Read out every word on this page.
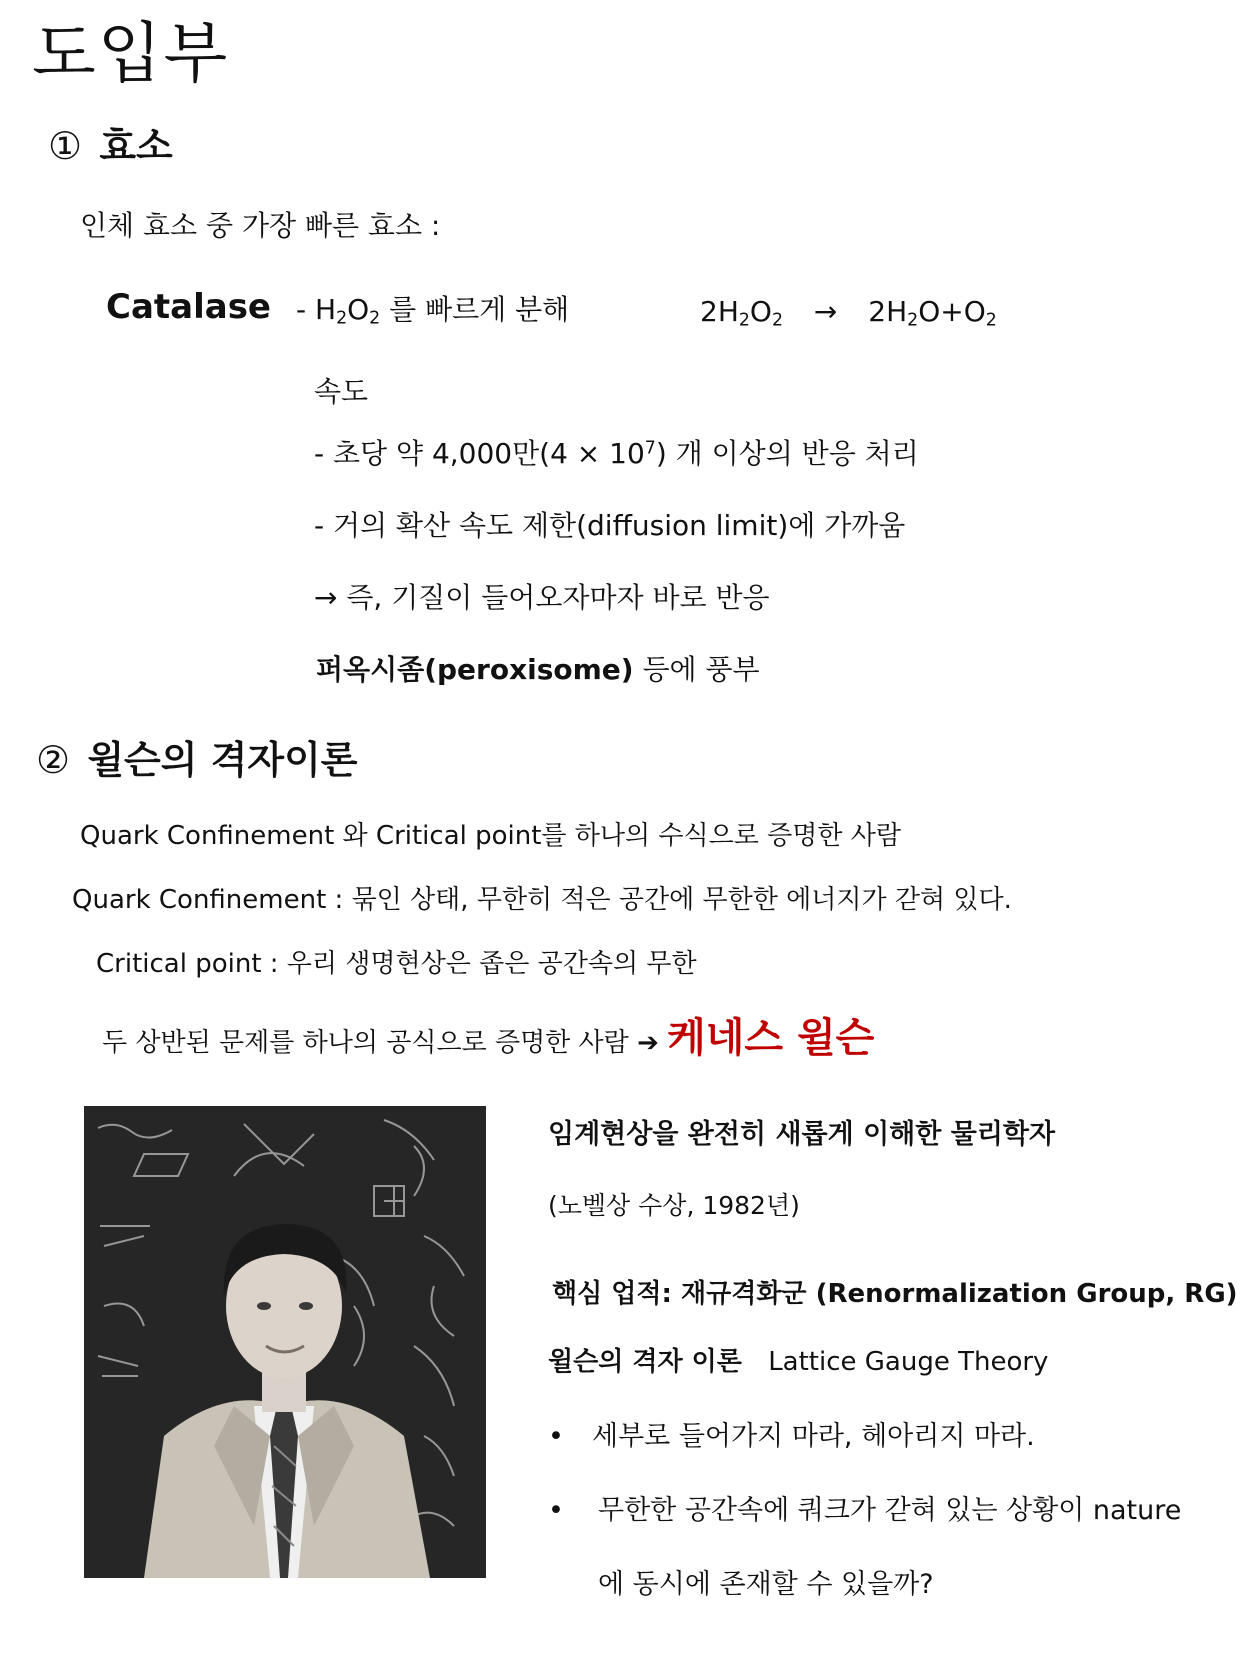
도입부
① 효소
인체 효소 중 가장 빠른 효소 :
Catalase - $H_2O_2$ 를 빠르게 분해	$2H_2O_2 \to 2H_2O+O_2$
속도
- 초당 약 4,000만$(4 \times 10^7)$ 개 이상의 반응 처리
- 거의 확산 속도 제한(diffusion limit)에 가까움
→ 즉, 기질이 들어오자마자 바로 반응
퍼옥시좀(peroxisome) 등에 풍부
② 윌슨의 격자이론
Quark Confinement 와 Critical point를 하나의 수식으로 증명한 사람
Quark Confinement : 묶인 상태, 무한히 적은 공간에 무한한 에너지가 갇혀 있다.
Critical point : 우리 생명현상은 좁은 공간속의 무한
두 상반된 문제를 하나의 공식으로 증명한 사람 ➔ 케네스 윌슨
임계현상을 완전히 새롭게 이해한 물리학자
(노벨상 수상, 1982년)
핵심 업적: 재규격화군 (Renormalization Group, RG)
윌슨의 격자 이론 Lattice Gauge Theory
• 세부로 들어가지 마라, 헤아리지 마라.
• 무한한 공간속에 쿼크가 갇혀 있는 상황이 nature
에 동시에 존재할 수 있을까?
